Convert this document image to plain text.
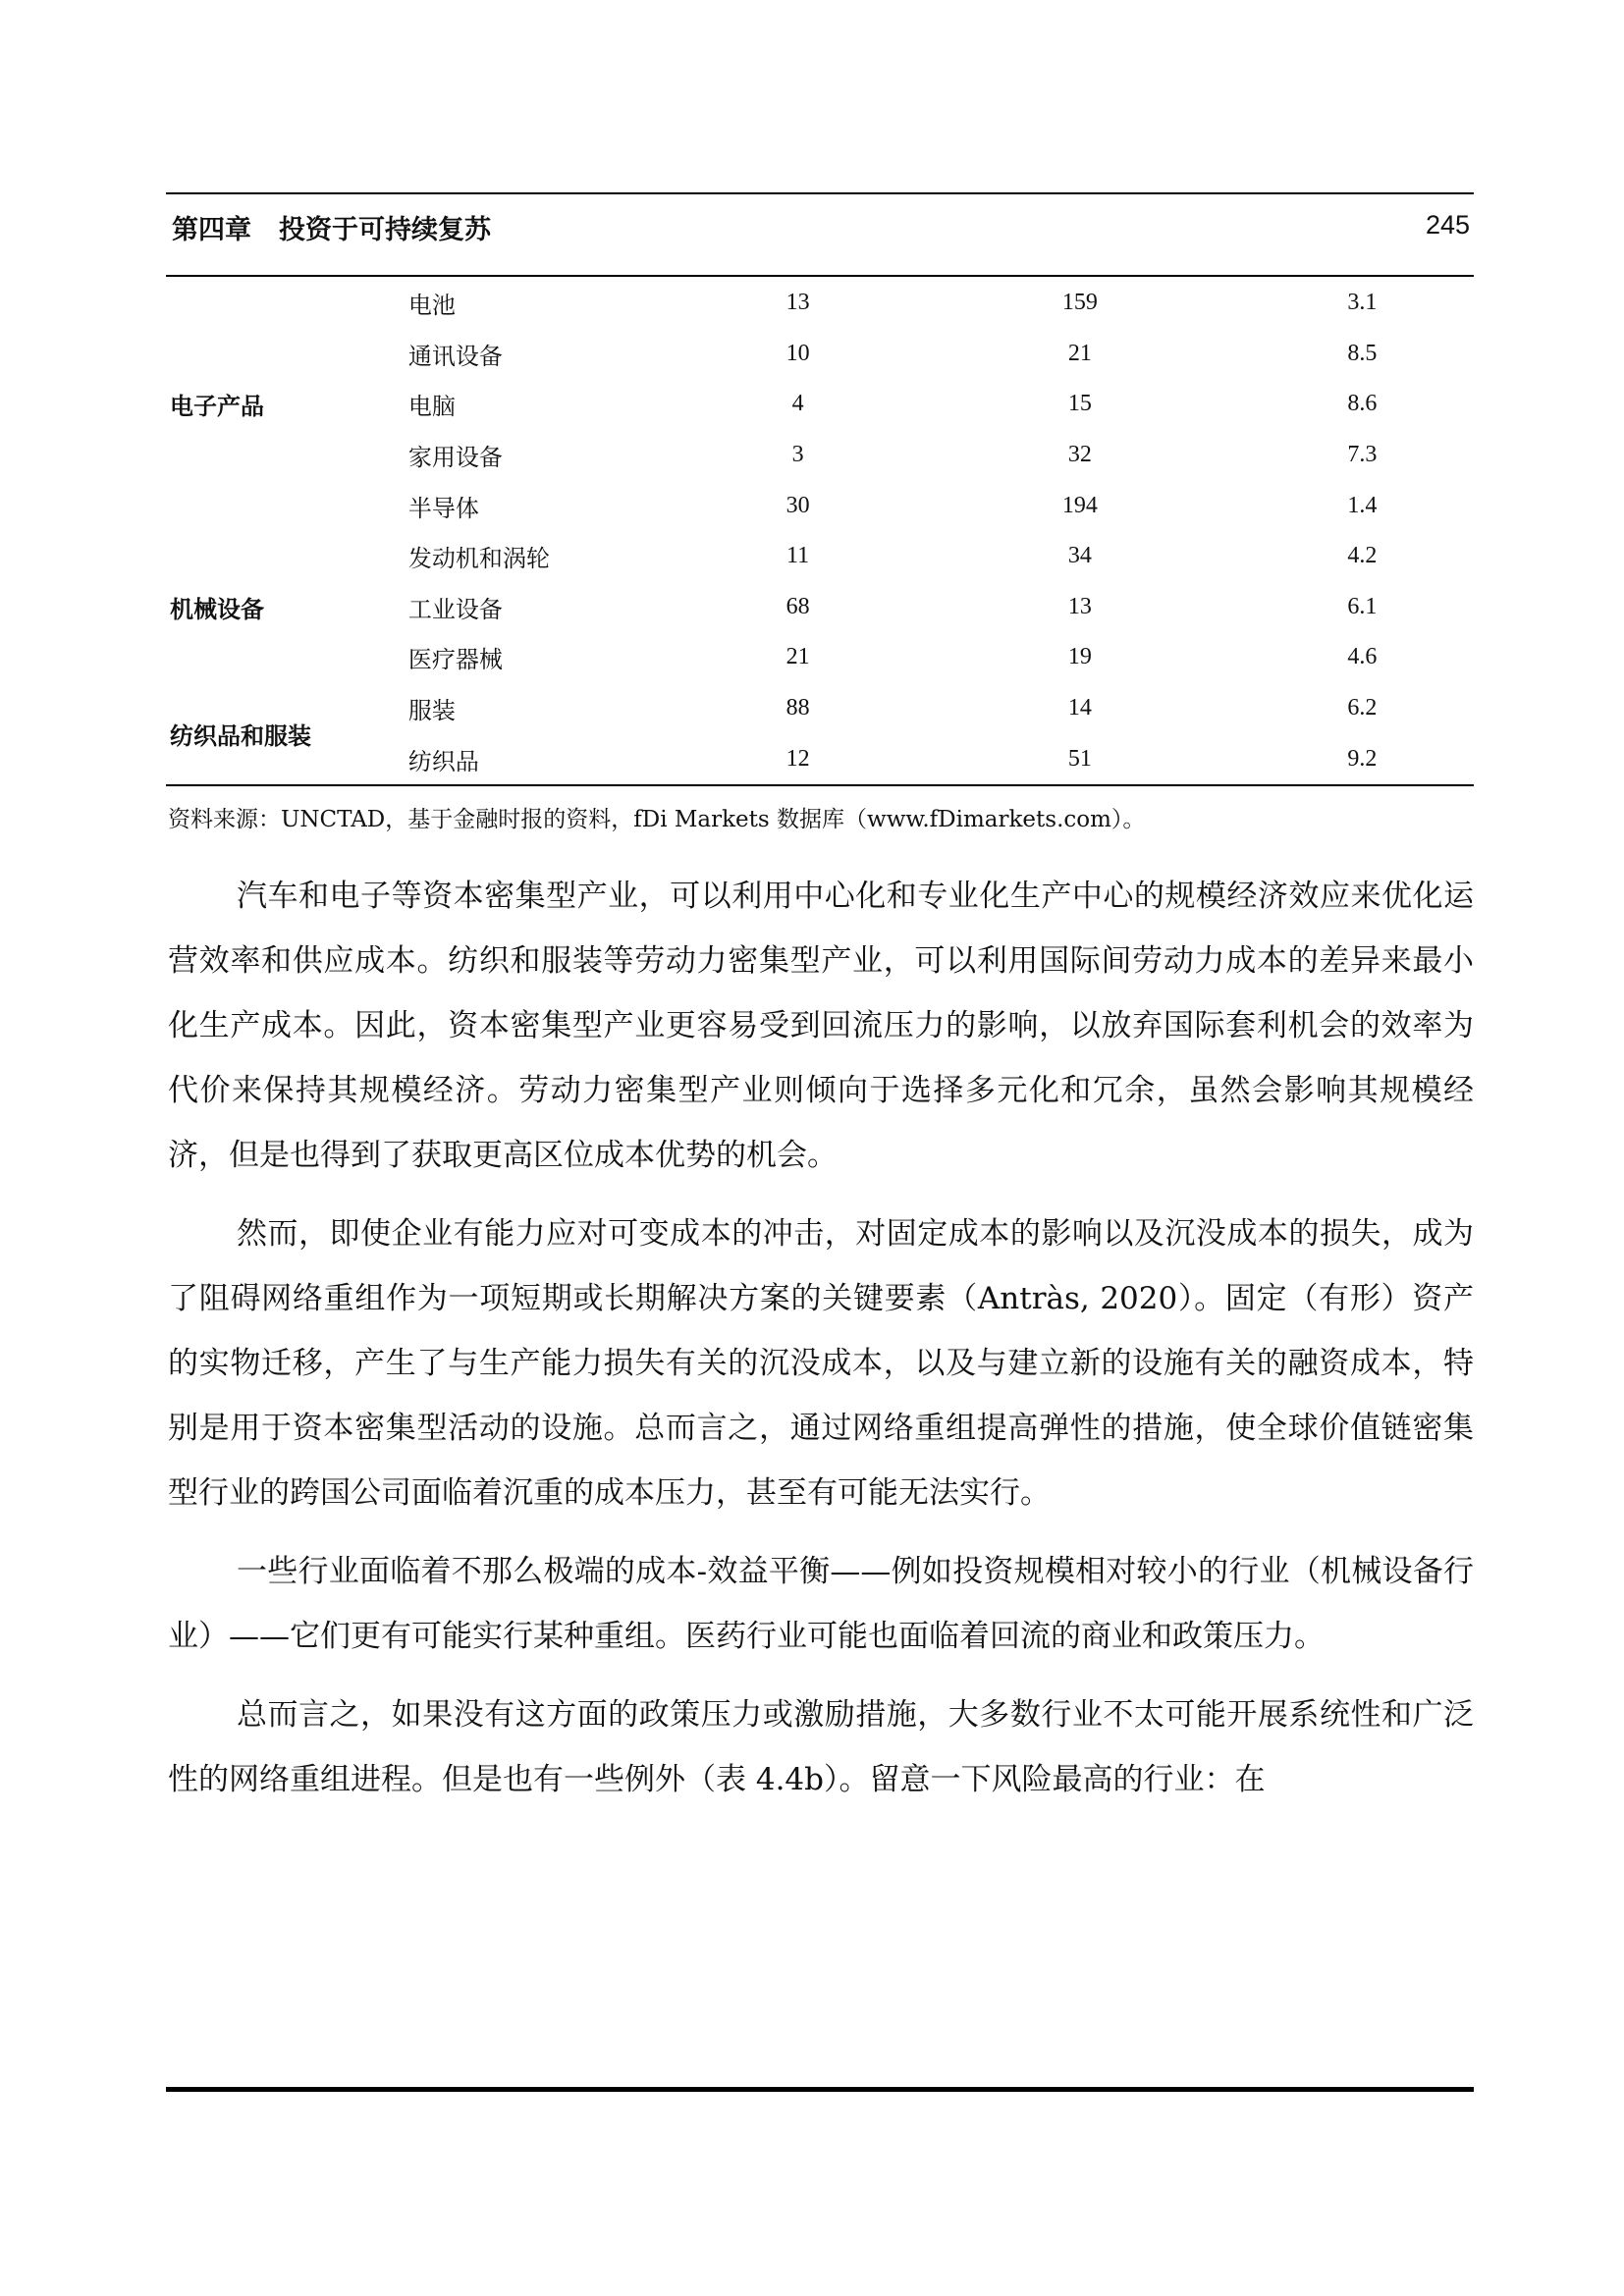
第四章 投资于可持续复苏	245
	电池	13	159	3.1
	通讯设备	10	21	8.5
电子产品	电脑	4	15	8.6
	家用设备	3	32	7.3
	半导体	30	194	1.4
	发动机和涡轮	11	34	4.2
机械设备	工业设备	68	13	6.1
	医疗器械	21	19	4.6
纺织品和服装	服装	88	14	6.2
	纺织品	12	51	9.2
资料来源：UNCTAD，基于金融时报的资料，fDi Markets 数据库（www.fDimarkets.com）。

汽车和电子等资本密集型产业，可以利用中心化和专业化生产中心的规模经济效应来优化运营效率和供应成本。纺织和服装等劳动力密集型产业，可以利用国际间劳动力成本的差异来最小化生产成本。因此，资本密集型产业更容易受到回流压力的影响，以放弃国际套利机会的效率为代价来保持其规模经济。劳动力密集型产业则倾向于选择多元化和冗余，虽然会影响其规模经济，但是也得到了获取更高区位成本优势的机会。

然而，即使企业有能力应对可变成本的冲击，对固定成本的影响以及沉没成本的损失，成为了阻碍网络重组作为一项短期或长期解决方案的关键要素（Antràs, 2020）。固定（有形）资产的实物迁移，产生了与生产能力损失有关的沉没成本，以及与建立新的设施有关的融资成本，特别是用于资本密集型活动的设施。总而言之，通过网络重组提高弹性的措施，使全球价值链密集型行业的跨国公司面临着沉重的成本压力，甚至有可能无法实行。

一些行业面临着不那么极端的成本-效益平衡——例如投资规模相对较小的行业（机械设备行业）——它们更有可能实行某种重组。医药行业可能也面临着回流的商业和政策压力。

总而言之，如果没有这方面的政策压力或激励措施，大多数行业不太可能开展系统性和广泛性的网络重组进程。但是也有一些例外（表 4.4b）。留意一下风险最高的行业：在
